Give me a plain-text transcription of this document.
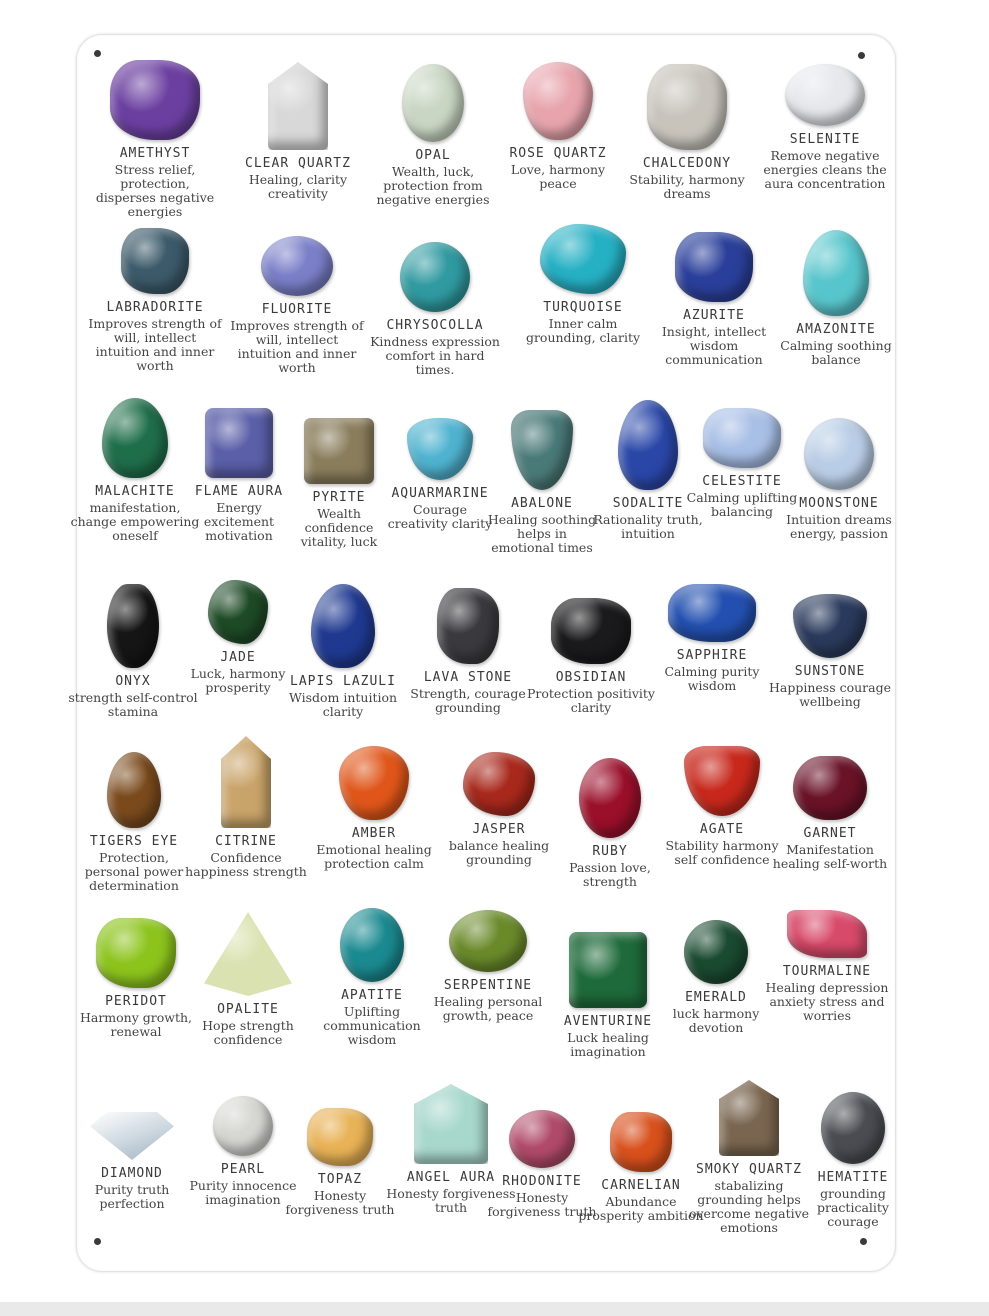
AMETHYST
Stress relief, protection, disperses negative energies
CLEAR QUARTZ
Healing, clarity creativity
OPAL
Wealth, luck, protection from negative energies
ROSE QUARTZ
Love, harmony peace
CHALCEDONY
Stability, harmony dreams
SELENITE
Remove negative energies cleans the aura concentration
LABRADORITE
Improves strength of will, intellect intuition and inner worth
FLUORITE
Improves strength of will, intellect intuition and inner worth
CHRYSOCOLLA
Kindness expression comfort in hard times.
TURQUOISE
Inner calm grounding, clarity
AZURITE
Insight, intellect wisdom communication
AMAZONITE
Calming soothing balance
MALACHITE
manifestation, change empowering oneself
FLAME AURA
Energy excitement motivation
PYRITE
Wealth confidence vitality, luck
AQUARMARINE
Courage creativity clarity
ABALONE
Healing soothing helps in emotional times
SODALITE
Rationality truth, intuition
CELESTITE
Calming uplifting balancing
MOONSTONE
Intuition dreams energy, passion
ONYX
strength self-control stamina
JADE
Luck, harmony prosperity	LAPIS LAZULI
Wisdom intuition clarity
LAVA STONE
Strength, courage grounding
OBSIDIAN
Protection positivity clarity
SAPPHIRE
Calming purity wisdom
SUNSTONE
Happiness courage wellbeing
TIGERS EYE
Protection, personal power determination
CITRINE
Confidence happiness strength
AMBER
Emotional healing protection calm
JASPER
balance healing grounding
RUBY
Passion love, strength
AGATE
Stability harmony self confidence
GARNET
Manifestation healing self-worth
PERIDOT
Harmony growth, renewal
OPALITE
Hope strength confidence
APATITE
Uplifting communication wisdom
SERPENTINE
Healing personal growth, peace	AVENTURINE
Luck healing imagination
EMERALD
luck harmony devotion
TOURMALINE
Healing depression anxiety stress and worries
DIAMOND
Purity truth perfection
PEARL
Purity innocence imagination
TOPAZ
Honesty forgiveness truth
ANGEL AURA
Honesty forgiveness truth
RHODONITE
Honesty forgiveness truth
CARNELIAN
Abundance prosperity ambition
SMOKY QUARTZ
stabalizing grounding helps overcome negative emotions
HEMATITE
grounding practicality courage
